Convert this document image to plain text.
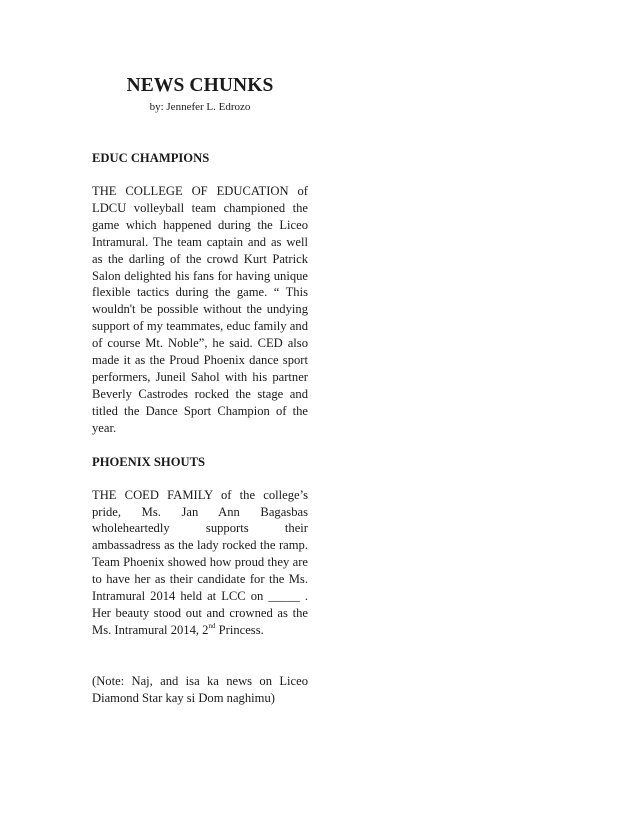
NEWS CHUNKS

by: Jennefer L. Edrozo

EDUC CHAMPIONS

THE COLLEGE OF EDUCATION of LDCU volleyball team championed the game which happened during the Liceo Intramural. The team captain and as well as the darling of the crowd Kurt Patrick Salon delighted his fans for having unique flexible tactics during the game. “ This wouldn't be possible without the undying support of my teammates, educ family and of course Mt. Noble”, he said. CED also made it as the Proud Phoenix dance sport performers, Juneil Sahol with his partner Beverly Castrodes rocked the stage and titled the Dance Sport Champion of the year.

PHOENIX SHOUTS

THE COED FAMILY of the college’s pride, Ms. Jan Ann Bagasbas wholeheartedly supports their ambassadress as the lady rocked the ramp. Team Phoenix showed how proud they are to have her as their candidate for the Ms. Intramural 2014 held at LCC on _____ . Her beauty stood out and crowned as the Ms. Intramural 2014, 2nd Princess.

(Note: Naj, and isa ka news on Liceo Diamond Star kay si Dom naghimu)
